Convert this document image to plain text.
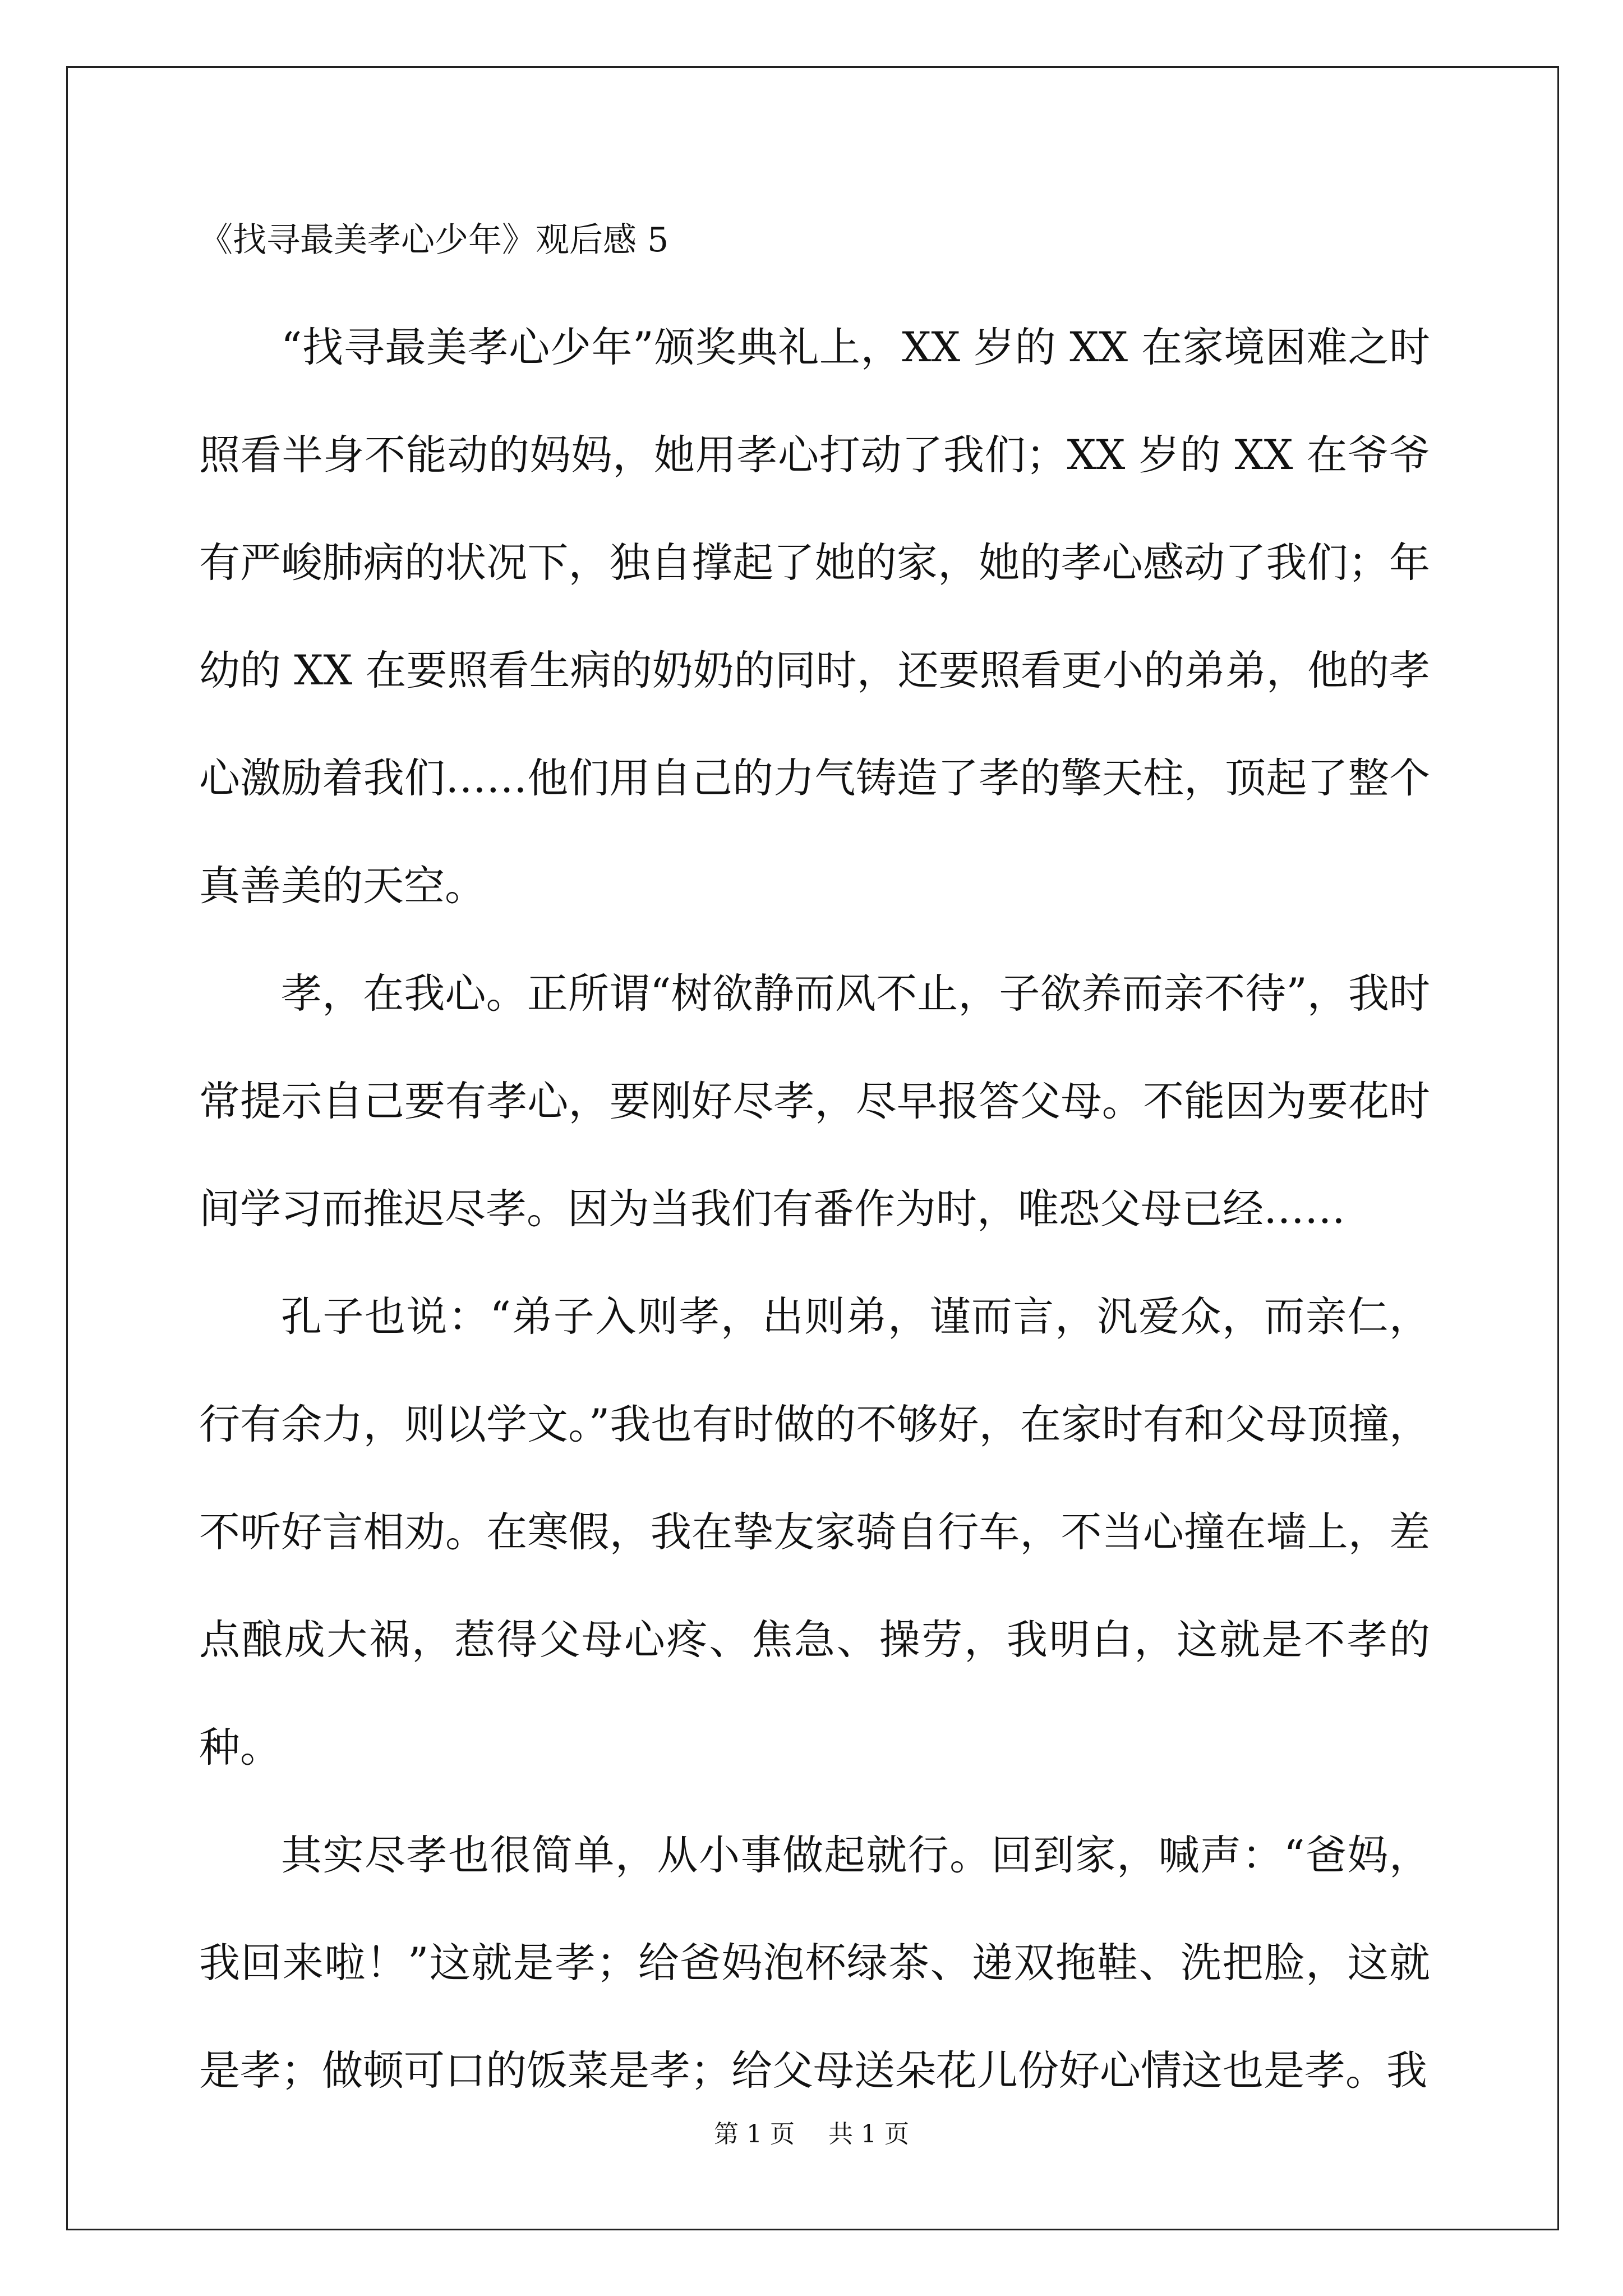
《找寻最美孝心少年》观后感 5

“找寻最美孝心少年”颁奖典礼上，XX 岁的 XX 在家境困难之时照看半身不能动的妈妈，她用孝心打动了我们；XX 岁的 XX 在爷爷有严峻肺病的状况下，独自撑起了她的家，她的孝心感动了我们；年幼的 XX 在要照看生病的奶奶的同时，还要照看更小的弟弟，他的孝心激励着我们……他们用自己的力气铸造了孝的擎天柱，顶起了整个真善美的天空。

孝，在我心。正所谓“树欲静而风不止，子欲养而亲不待”，我时常提示自己要有孝心，要刚好尽孝，尽早报答父母。不能因为要花时间学习而推迟尽孝。因为当我们有番作为时，唯恐父母已经……

孔子也说：“弟子入则孝，出则弟，谨而言，汎爱众，而亲仁，行有余力，则以学文。”我也有时做的不够好，在家时有和父母顶撞，不听好言相劝。在寒假，我在挚友家骑自行车，不当心撞在墙上，差点酿成大祸，惹得父母心疼、焦急、操劳，我明白，这就是不孝的种。

其实尽孝也很简单，从小事做起就行。回到家，喊声：“爸妈，我回来啦！”这就是孝；给爸妈泡杯绿茶、递双拖鞋、洗把脸，这就是孝；做顿可口的饭菜是孝；给父母送朵花儿份好心情这也是孝。我

第 1 页 共 1 页
